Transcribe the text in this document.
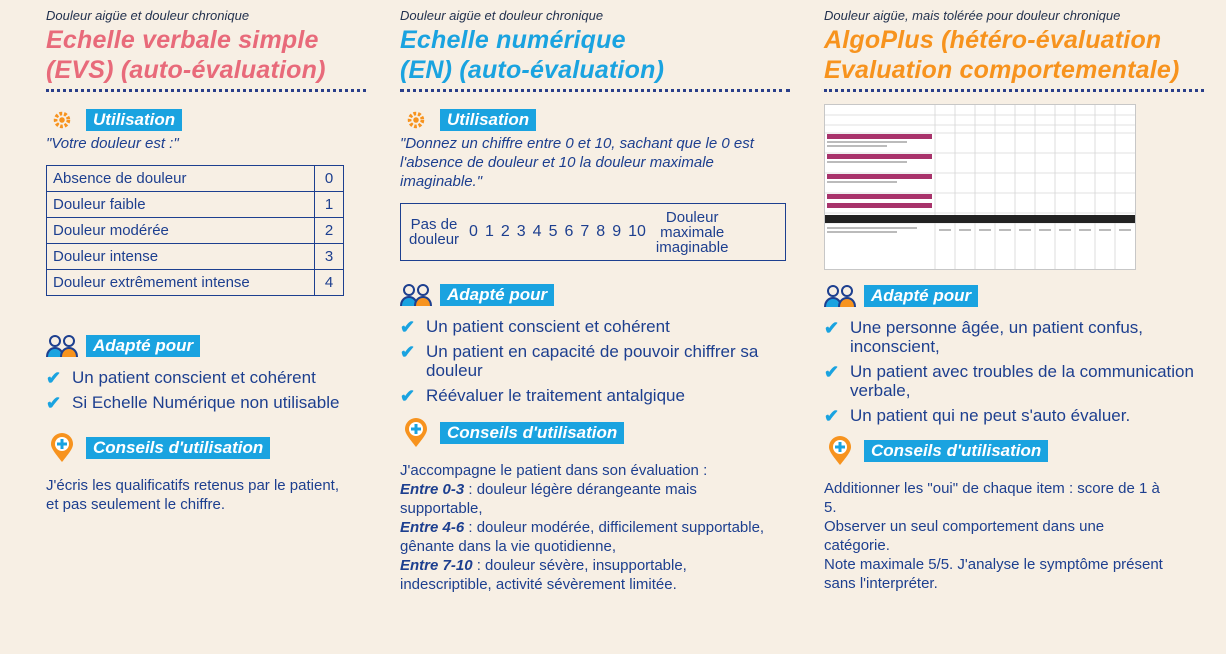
Douleur aigüe et douleur chronique
Echelle verbale simple
(EVS) (auto-évaluation)
Utilisation
"Votre douleur est :"
Absence de douleur	0
Douleur faible	1
Douleur modérée	2
Douleur intense	3
Douleur extrêmement intense	4
Adapté pour
✔ Un patient conscient et cohérent
✔ Si Echelle Numérique non utilisable
Conseils d'utilisation
J'écris les qualificatifs retenus par le patient, et pas seulement le chiffre.
Douleur aigüe et douleur chronique
Echelle numérique
(EN) (auto-évaluation)
Utilisation
"Donnez un chiffre entre 0 et 10, sachant que le 0 est l'absence de douleur et 10 la douleur maximale imaginable."
Pas de
douleur 0 1 2 3 4 5 6 7 8 9 10
Douleur
maximale
imaginable
Adapté pour
✔ Un patient conscient et cohérent
✔ Un patient en capacité de pouvoir chiffrer sa douleur
✔ Réévaluer le traitement antalgique
Conseils d'utilisation
J'accompagne le patient dans son évaluation :
Entre 0-3 : douleur légère dérangeante mais supportable,
Entre 4-6 : douleur modérée, difficilement supportable, gênante dans la vie quotidienne,
Entre 7-10 : douleur sévère, insupportable, indescriptible, activité sévèrement limitée.
Douleur aigüe, mais tolérée pour douleur chronique
AlgoPlus (hétéro-évaluation
Evaluation comportementale)
Adapté pour
✔ Une personne âgée, un patient confus, inconscient,
✔ Un patient avec troubles de la communication verbale,
✔ Un patient qui ne peut s'auto évaluer.
Conseils d'utilisation
Additionner les "oui" de chaque item : score de 1 à 5.
Observer un seul comportement dans une catégorie.
Note maximale 5/5. J'analyse le symptôme présent sans l'interpréter.
